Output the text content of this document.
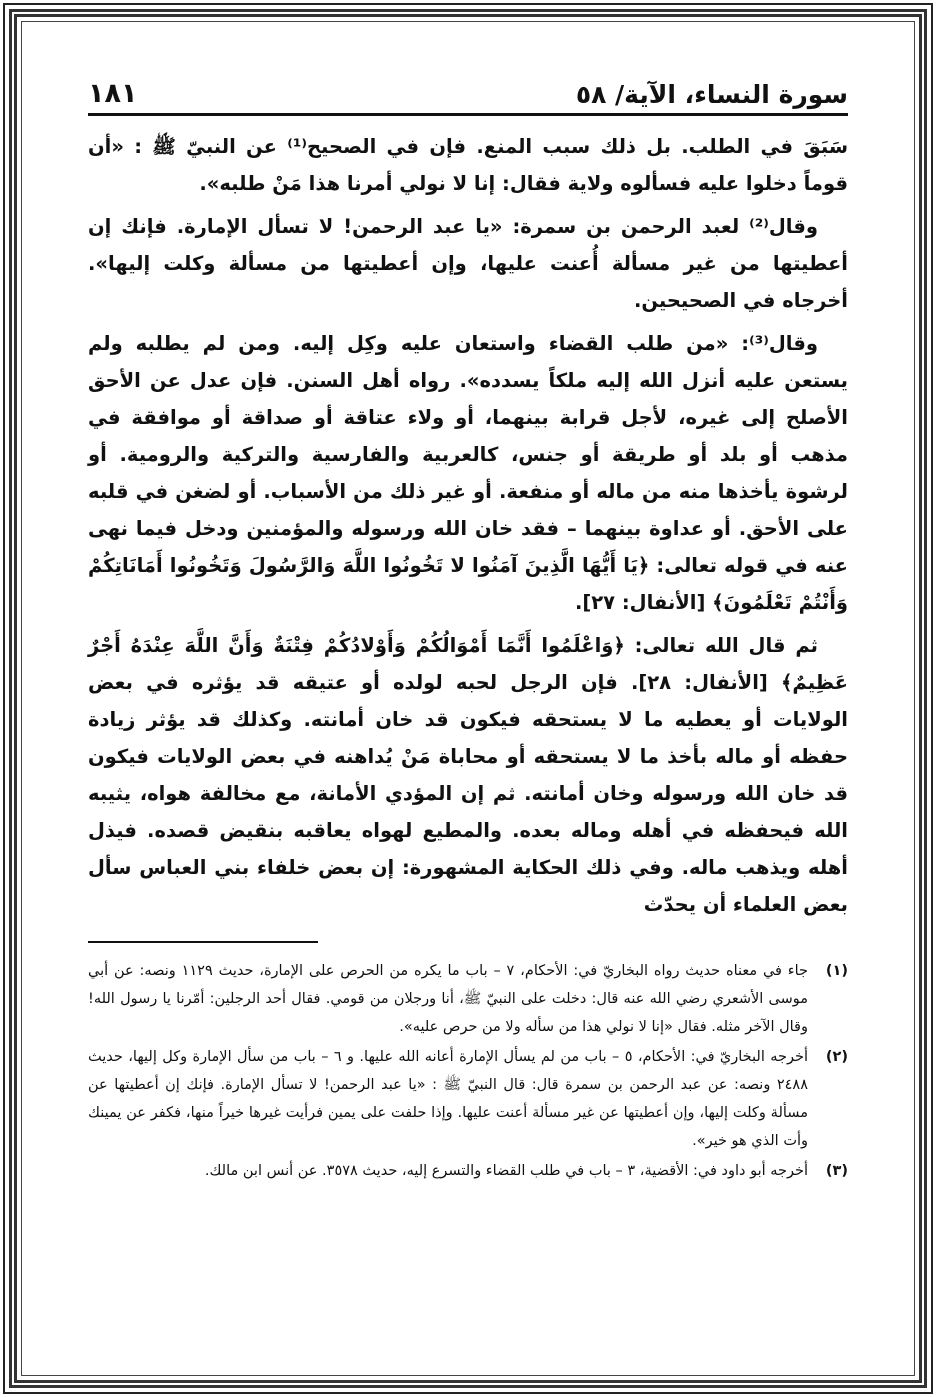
سورة النساء، الآية/ ٥٨
١٨١

سَبَقَ في الطلب. بل ذلك سبب المنع. فإن في الصحيح⁽¹⁾ عن النبيّ ﷺ : «أن قوماً دخلوا عليه فسألوه ولاية فقال: إنا لا نولي أمرنا هذا مَنْ طلبه».

وقال⁽²⁾ لعبد الرحمن بن سمرة: «يا عبد الرحمن! لا تسأل الإمارة. فإنك إن أعطيتها من غير مسألة أُعنت عليها، وإن أعطيتها من مسألة وكلت إليها». أخرجاه في الصحيحين.

وقال⁽³⁾: «من طلب القضاء واستعان عليه وكِل إليه. ومن لم يطلبه ولم يستعن عليه أنزل الله إليه ملكاً يسدده». رواه أهل السنن. فإن عدل عن الأحق الأصلح إلى غيره، لأجل قرابة بينهما، أو ولاء عتاقة أو صداقة أو موافقة في مذهب أو بلد أو طريقة أو جنس، كالعربية والفارسية والتركية والرومية. أو لرشوة يأخذها منه من ماله أو منفعة. أو غير ذلك من الأسباب. أو لضغن في قلبه على الأحق. أو عداوة بينهما – فقد خان الله ورسوله والمؤمنين ودخل فيما نهى عنه في قوله تعالى: ﴿يَا أَيُّهَا الَّذِينَ آمَنُوا لا تَخُونُوا اللَّهَ وَالرَّسُولَ وَتَخُونُوا أَمَانَاتِكُمْ وَأَنْتُمْ تَعْلَمُونَ﴾ [الأنفال: ٢٧].

ثم قال الله تعالى: ﴿وَاعْلَمُوا أَنَّمَا أَمْوَالُكُمْ وَأَوْلادُكُمْ فِتْنَةٌ وَأَنَّ اللَّهَ عِنْدَهُ أَجْرٌ عَظِيمٌ﴾ [الأنفال: ٢٨]. فإن الرجل لحبه لولده أو عتيقه قد يؤثره في بعض الولايات أو يعطيه ما لا يستحقه فيكون قد خان أمانته. وكذلك قد يؤثر زيادة حفظه أو ماله بأخذ ما لا يستحقه أو محاباة مَنْ يُداهنه في بعض الولايات فيكون قد خان الله ورسوله وخان أمانته. ثم إن المؤدي الأمانة، مع مخالفة هواه، يثيبه الله فيحفظه في أهله وماله بعده. والمطيع لهواه يعاقبه بنقيض قصده. فيذل أهله ويذهب ماله. وفي ذلك الحكاية المشهورة: إن بعض خلفاء بني العباس سأل بعض العلماء أن يحدّث

(١)
جاء في معناه حديث رواه البخاريّ في: الأحكام، ٧ – باب ما يكره من الحرص على الإمارة، حديث ١١٢٩ ونصه: عن أبي موسى الأشعري رضي الله عنه قال: دخلت على النبيّ ﷺ، أنا ورجلان من قومي. فقال أحد الرجلين: أمّرنا يا رسول الله! وقال الآخر مثله. فقال «إنا لا نولي هذا من سأله ولا من حرص عليه».
(٢)
أخرجه البخاريّ في: الأحكام، ٥ – باب من لم يسأل الإمارة أعانه الله عليها. و ٦ – باب من سأل الإمارة وكل إليها، حديث ٢٤٨٨ ونصه: عن عبد الرحمن بن سمرة قال: قال النبيّ ﷺ : «يا عبد الرحمن! لا تسأل الإمارة. فإنك إن أعطيتها عن مسألة وكلت إليها، وإن أعطيتها عن غير مسألة أعنت عليها. وإذا حلفت على يمين فرأيت غيرها خيراً منها، فكفر عن يمينك وأت الذي هو خير».
(٣)
أخرجه أبو داود في: الأقضية، ٣ – باب في طلب القضاء والتسرع إليه، حديث ٣٥٧٨. عن أنس ابن مالك.
